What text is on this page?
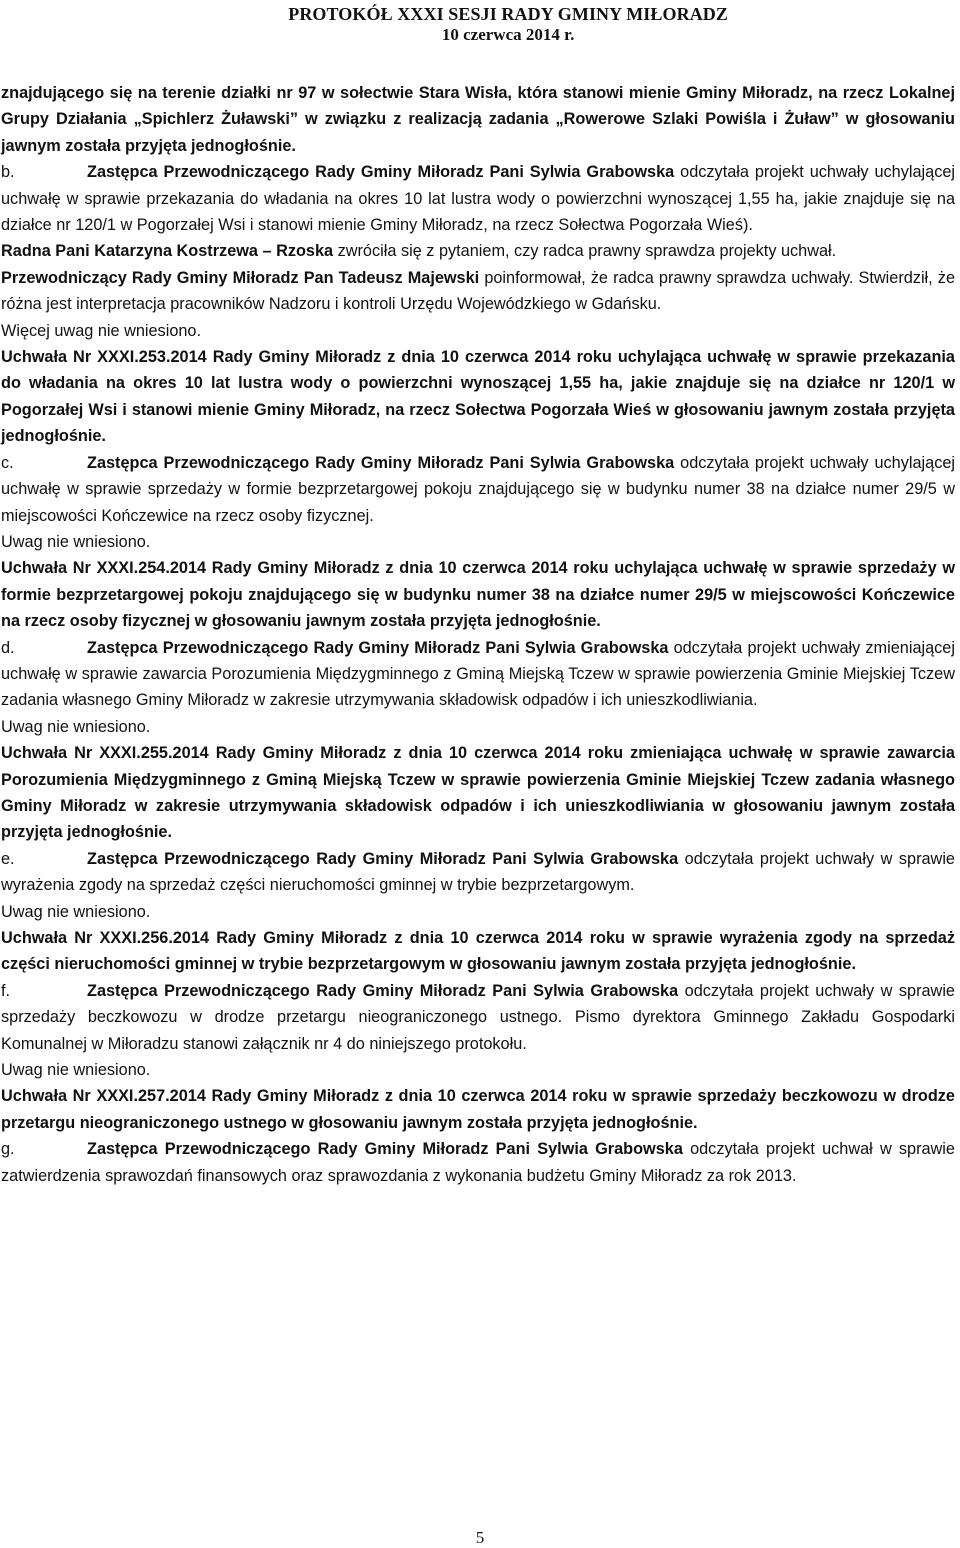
PROTOKÓŁ XXXI SESJI RADY GMINY MIŁORADZ
10 czerwca 2014 r.

znajdującego się na terenie działki nr 97 w sołectwie Stara Wisła, która stanowi mienie Gminy Miłoradz, na rzecz Lokalnej Grupy Działania „Spichlerz Żuławski” w związku z realizacją zadania „Rowerowe Szlaki Powiśla i Żuław” w głosowaniu jawnym została przyjęta jednogłośnie.

b.	Zastępca Przewodniczącego Rady Gminy Miłoradz Pani Sylwia Grabowska odczytała projekt uchwały uchylającej uchwałę w sprawie przekazania do władania na okres 10 lat lustra wody o powierzchni wynoszącej 1,55 ha, jakie znajduje się na działce nr 120/1 w Pogorzałej Wsi i stanowi mienie Gminy Miłoradz, na rzecz Sołectwa Pogorzała Wieś).

Radna Pani Katarzyna Kostrzewa – Rzoska zwróciła się z pytaniem, czy radca prawny sprawdza projekty uchwał.

Przewodniczący Rady Gminy Miłoradz Pan Tadeusz Majewski poinformował, że radca prawny sprawdza uchwały. Stwierdził, że różna jest interpretacja pracowników Nadzoru i kontroli Urzędu Wojewódzkiego w Gdańsku.

Więcej uwag nie wniesiono.

Uchwała Nr XXXI.253.2014 Rady Gminy Miłoradz z dnia 10 czerwca 2014 roku uchylająca uchwałę w sprawie przekazania do władania na okres 10 lat lustra wody o powierzchni wynoszącej 1,55 ha, jakie znajduje się na działce nr 120/1 w Pogorzałej Wsi i stanowi mienie Gminy Miłoradz, na rzecz Sołectwa Pogorzała Wieś w głosowaniu jawnym została przyjęta jednogłośnie.

c.	Zastępca Przewodniczącego Rady Gminy Miłoradz Pani Sylwia Grabowska odczytała projekt uchwały uchylającej uchwałę w sprawie sprzedaży w formie bezprzetargowej pokoju znajdującego się w budynku numer 38 na działce numer 29/5 w miejscowości Kończewice na rzecz osoby fizycznej.

Uwag nie wniesiono.

Uchwała Nr XXXI.254.2014 Rady Gminy Miłoradz z dnia 10 czerwca 2014 roku uchylająca uchwałę w sprawie sprzedaży w formie bezprzetargowej pokoju znajdującego się w budynku numer 38 na działce numer 29/5 w miejscowości Kończewice na rzecz osoby fizycznej w głosowaniu jawnym została przyjęta jednogłośnie.

d.	Zastępca Przewodniczącego Rady Gminy Miłoradz Pani Sylwia Grabowska odczytała projekt uchwały zmieniającej uchwałę w sprawie zawarcia Porozumienia Międzygminnego z Gminą Miejską Tczew w sprawie powierzenia Gminie Miejskiej Tczew zadania własnego Gminy Miłoradz w zakresie utrzymywania składowisk odpadów i ich unieszkodliwiania.

Uwag nie wniesiono.

Uchwała Nr XXXI.255.2014 Rady Gminy Miłoradz z dnia 10 czerwca 2014 roku zmieniająca uchwałę w sprawie zawarcia Porozumienia Międzygminnego z Gminą Miejską Tczew w sprawie powierzenia Gminie Miejskiej Tczew zadania własnego Gminy Miłoradz w zakresie utrzymywania składowisk odpadów i ich unieszkodliwiania w głosowaniu jawnym została przyjęta jednogłośnie.

e.	Zastępca Przewodniczącego Rady Gminy Miłoradz Pani Sylwia Grabowska odczytała projekt uchwały w sprawie wyrażenia zgody na sprzedaż części nieruchomości gminnej w trybie bezprzetargowym.

Uwag nie wniesiono.

Uchwała Nr XXXI.256.2014 Rady Gminy Miłoradz z dnia 10 czerwca 2014 roku w sprawie wyrażenia zgody na sprzedaż części nieruchomości gminnej w trybie bezprzetargowym w głosowaniu jawnym została przyjęta jednogłośnie.

f.	Zastępca Przewodniczącego Rady Gminy Miłoradz Pani Sylwia Grabowska odczytała projekt uchwały w sprawie sprzedaży beczkowozu w drodze przetargu nieograniczonego ustnego. Pismo dyrektora Gminnego Zakładu Gospodarki Komunalnej w Miłoradzu stanowi załącznik nr 4 do niniejszego protokołu.

Uwag nie wniesiono.

Uchwała Nr XXXI.257.2014 Rady Gminy Miłoradz z dnia 10 czerwca 2014 roku w sprawie sprzedaży beczkowozu w drodze przetargu nieograniczonego ustnego w głosowaniu jawnym została przyjęta jednogłośnie.

g.	Zastępca Przewodniczącego Rady Gminy Miłoradz Pani Sylwia Grabowska odczytała projekt uchwał w sprawie zatwierdzenia sprawozdań finansowych oraz sprawozdania z wykonania budżetu Gminy Miłoradz za rok 2013.

5
